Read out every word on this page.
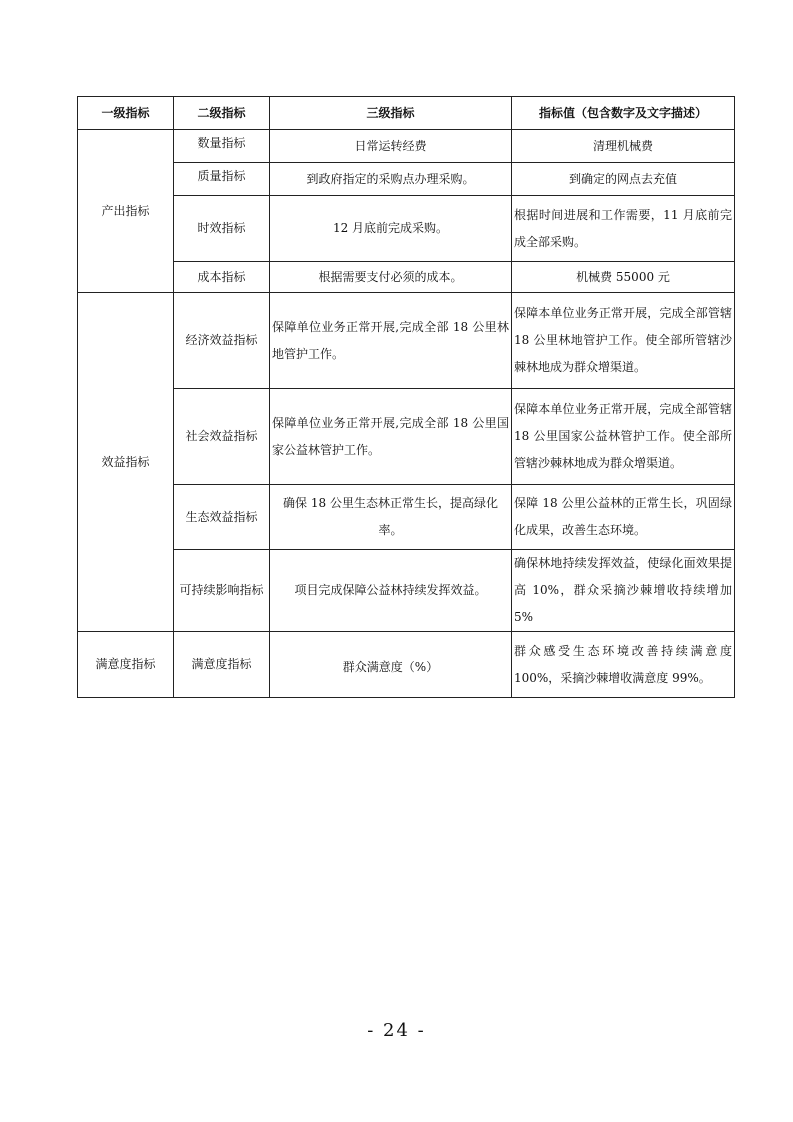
一级指标	二级指标	三级指标	指标值（包含数字及文字描述）
产出指标	数量指标	日常运转经费	清理机械费
	质量指标	到政府指定的采购点办理采购。	到确定的网点去充值
	时效指标	12 月底前完成采购。	根据时间进展和工作需要，11 月底前完成全部采购。
	成本指标	根据需要支付必须的成本。	机械费 55000 元
效益指标	经济效益指标	保障单位业务正常开展,完成全部 18 公里林地管护工作。	保障本单位业务正常开展，完成全部管辖 18 公里林地管护工作。使全部所管辖沙棘林地成为群众增渠道。
	社会效益指标	保障单位业务正常开展,完成全部 18 公里国家公益林管护工作。	保障本单位业务正常开展，完成全部管辖 18 公里国家公益林管护工作。使全部所管辖沙棘林地成为群众增渠道。
	生态效益指标	确保 18 公里生态林正常生长，提高绿化率。	保障 18 公里公益林的正常生长，巩固绿化成果，改善生态环境。
	可持续影响指标	项目完成保障公益林持续发挥效益。	确保林地持续发挥效益，使绿化面效果提高 10%，群众采摘沙棘增收持续增加 5%
满意度指标	满意度指标	群众满意度（%）	群众感受生态环境改善持续满意度 100%，采摘沙棘增收满意度 99%。
- 24 -
